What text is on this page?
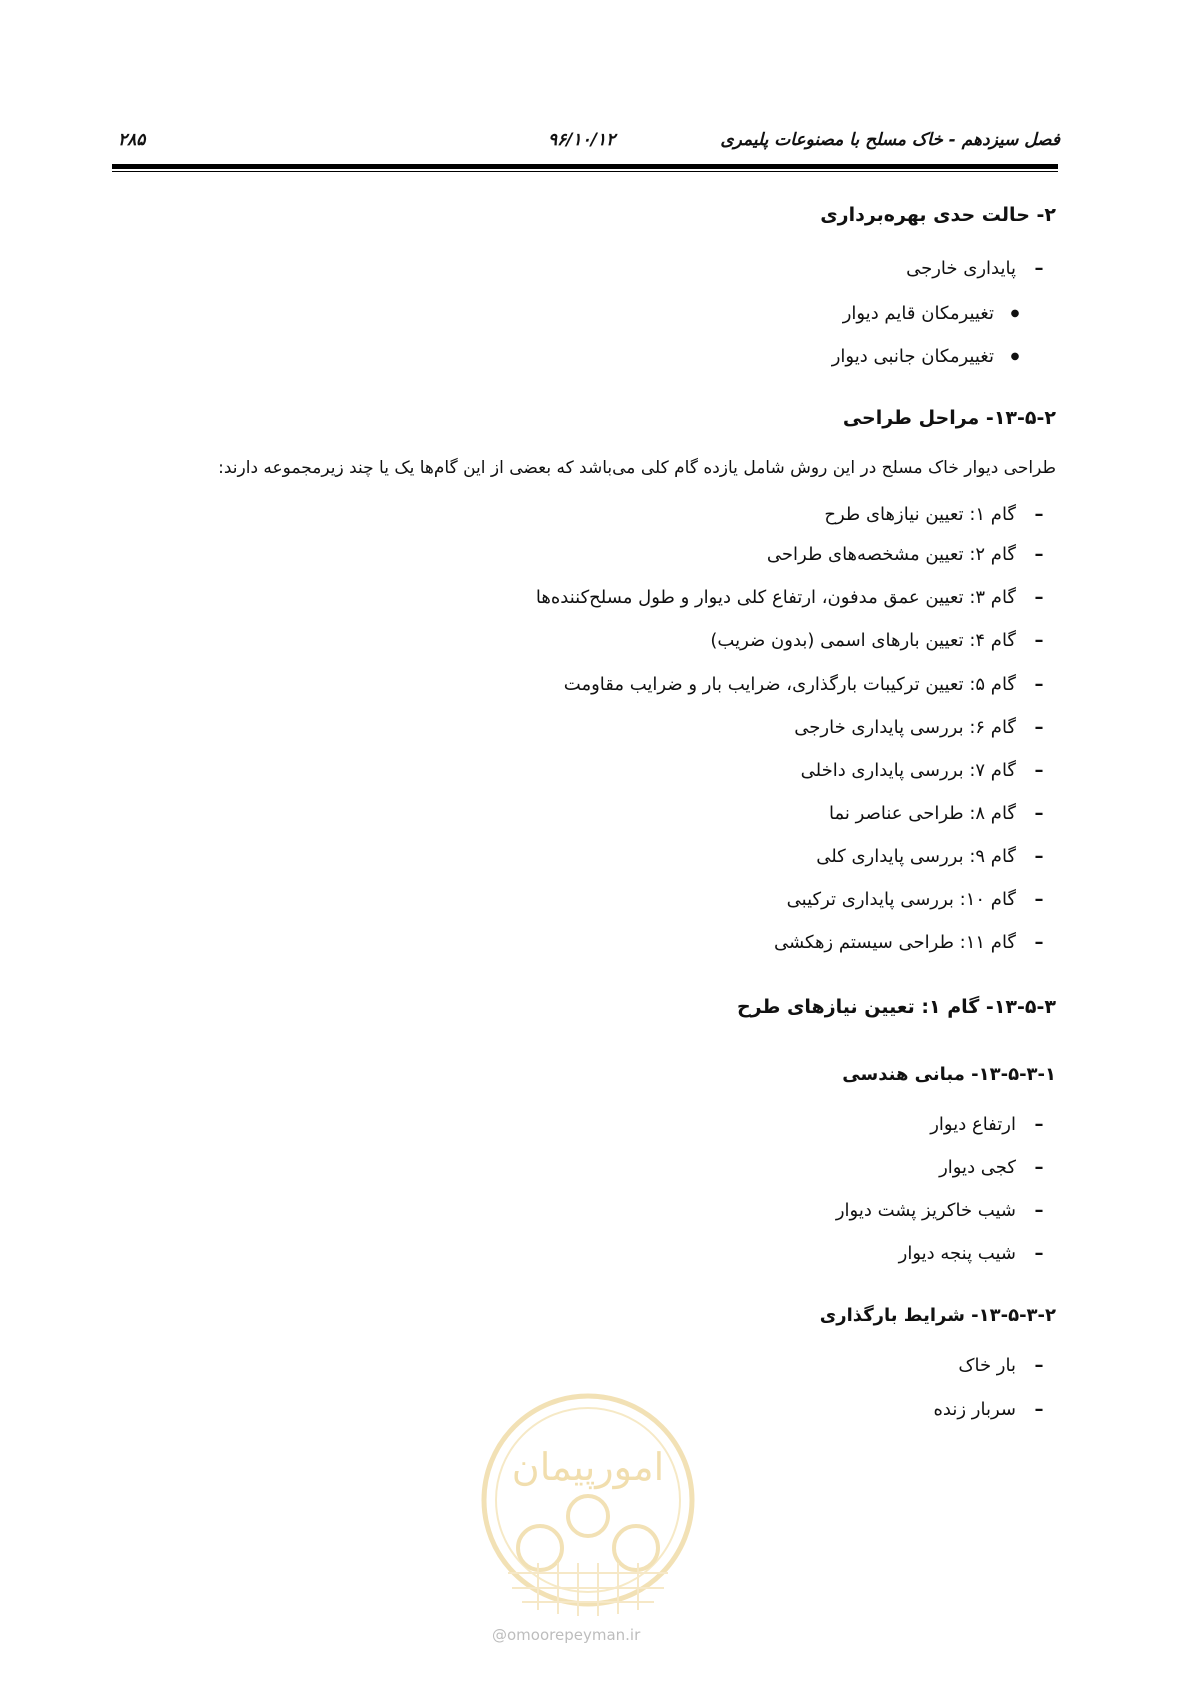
فصل سیزدهم - خاک مسلح با مصنوعات پلیمری
۹۶/۱۰/۱۲
۲۸۵
۲- حالت حدی بهره‌برداری
–پایداری خارجی
●تغییرمکان قایم دیوار
●تغییرمکان جانبی دیوار
۱۳-۵-۲- مراحل طراحی
طراحی دیوار خاک مسلح در این روش شامل یازده گام کلی می‌باشد که بعضی از این گام‌ها یک یا چند زیرمجموعه دارند:
–گام ۱: تعیین نیازهای طرح
–گام ۲: تعیین مشخصه‌های طراحی
–گام ۳: تعیین عمق مدفون، ارتفاع کلی دیوار و طول مسلح‌کننده‌ها
–گام ۴: تعیین بارهای اسمی (بدون ضریب)
–گام ۵: تعیین ترکیبات بارگذاری، ضرایب بار و ضرایب مقاومت
–گام ۶: بررسی پایداری خارجی
–گام ۷: بررسی پایداری داخلی
–گام ۸: طراحی عناصر نما
–گام ۹: بررسی پایداری کلی
–گام ۱۰: بررسی پایداری ترکیبی
–گام ۱۱: طراحی سیستم زهکشی
۱۳-۵-۳- گام ۱: تعیین نیازهای طرح
۱۳-۵-۳-۱- مبانی هندسی
–ارتفاع دیوار
–کجی دیوار
–شیب خاکریز پشت دیوار
–شیب پنجه دیوار
۱۳-۵-۳-۲- شرایط بارگذاری
–بار خاک
–سربار زنده
امورپیمان
@omoorepeyman.ir
